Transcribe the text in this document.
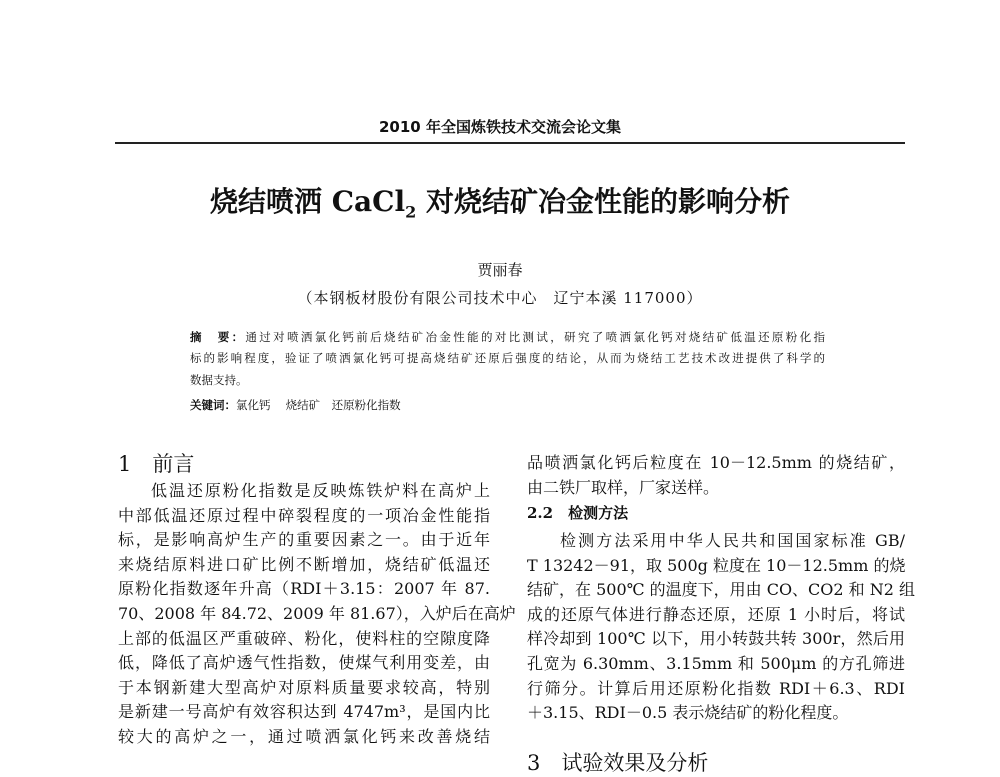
2010 年全国炼铁技术交流会论文集
烧结喷洒 CaCl$_2$ 对烧结矿冶金性能的影响分析
贾丽春
（本钢板材股份有限公司技术中心　辽宁本溪 117000）
摘　要：通过对喷洒氯化钙前后烧结矿冶金性能的对比测试，研究了喷洒氯化钙对烧结矿低温还原粉化指
标的影响程度，验证了喷洒氯化钙可提高烧结矿还原后强度的结论，从而为烧结工艺技术改进提供了科学的
数据支持。
关键词：氯化钙　 烧结矿　还原粉化指数
1　前言
低温还原粉化指数是反映炼铁炉料在高炉上
中部低温还原过程中碎裂程度的一项冶金性能指
标，是影响高炉生产的重要因素之一。由于近年
来烧结原料进口矿比例不断增加，烧结矿低温还
原粉化指数逐年升高（RDI＋3.15：2007 年 87.
70、2008 年 84.72、2009 年 81.67），入炉后在高炉
上部的低温区严重破碎、粉化，使料柱的空隙度降
低，降低了高炉透气性指数，使煤气利用变差，由
于本钢新建大型高炉对原料质量要求较高，特别
是新建一号高炉有效容积达到 4747m³，是国内比
较大的高炉之一，通过喷洒氯化钙来改善烧结
品喷洒氯化钙后粒度在 10－12.5mm 的烧结矿，
由二铁厂取样，厂家送样。
2.2　检测方法
检测方法采用中华人民共和国国家标准 GB/
T 13242－91，取 500g 粒度在 10－12.5mm 的烧
结矿，在 500℃ 的温度下，用由 CO、CO2 和 N2 组
成的还原气体进行静态还原，还原 1 小时后，将试
样冷却到 100℃ 以下，用小转鼓共转 300r，然后用
孔宽为 6.30mm、3.15mm 和 500μm 的方孔筛进
行筛分。计算后用还原粉化指数 RDI＋6.3、RDI
＋3.15、RDI－0.5 表示烧结矿的粉化程度。
3　试验效果及分析
